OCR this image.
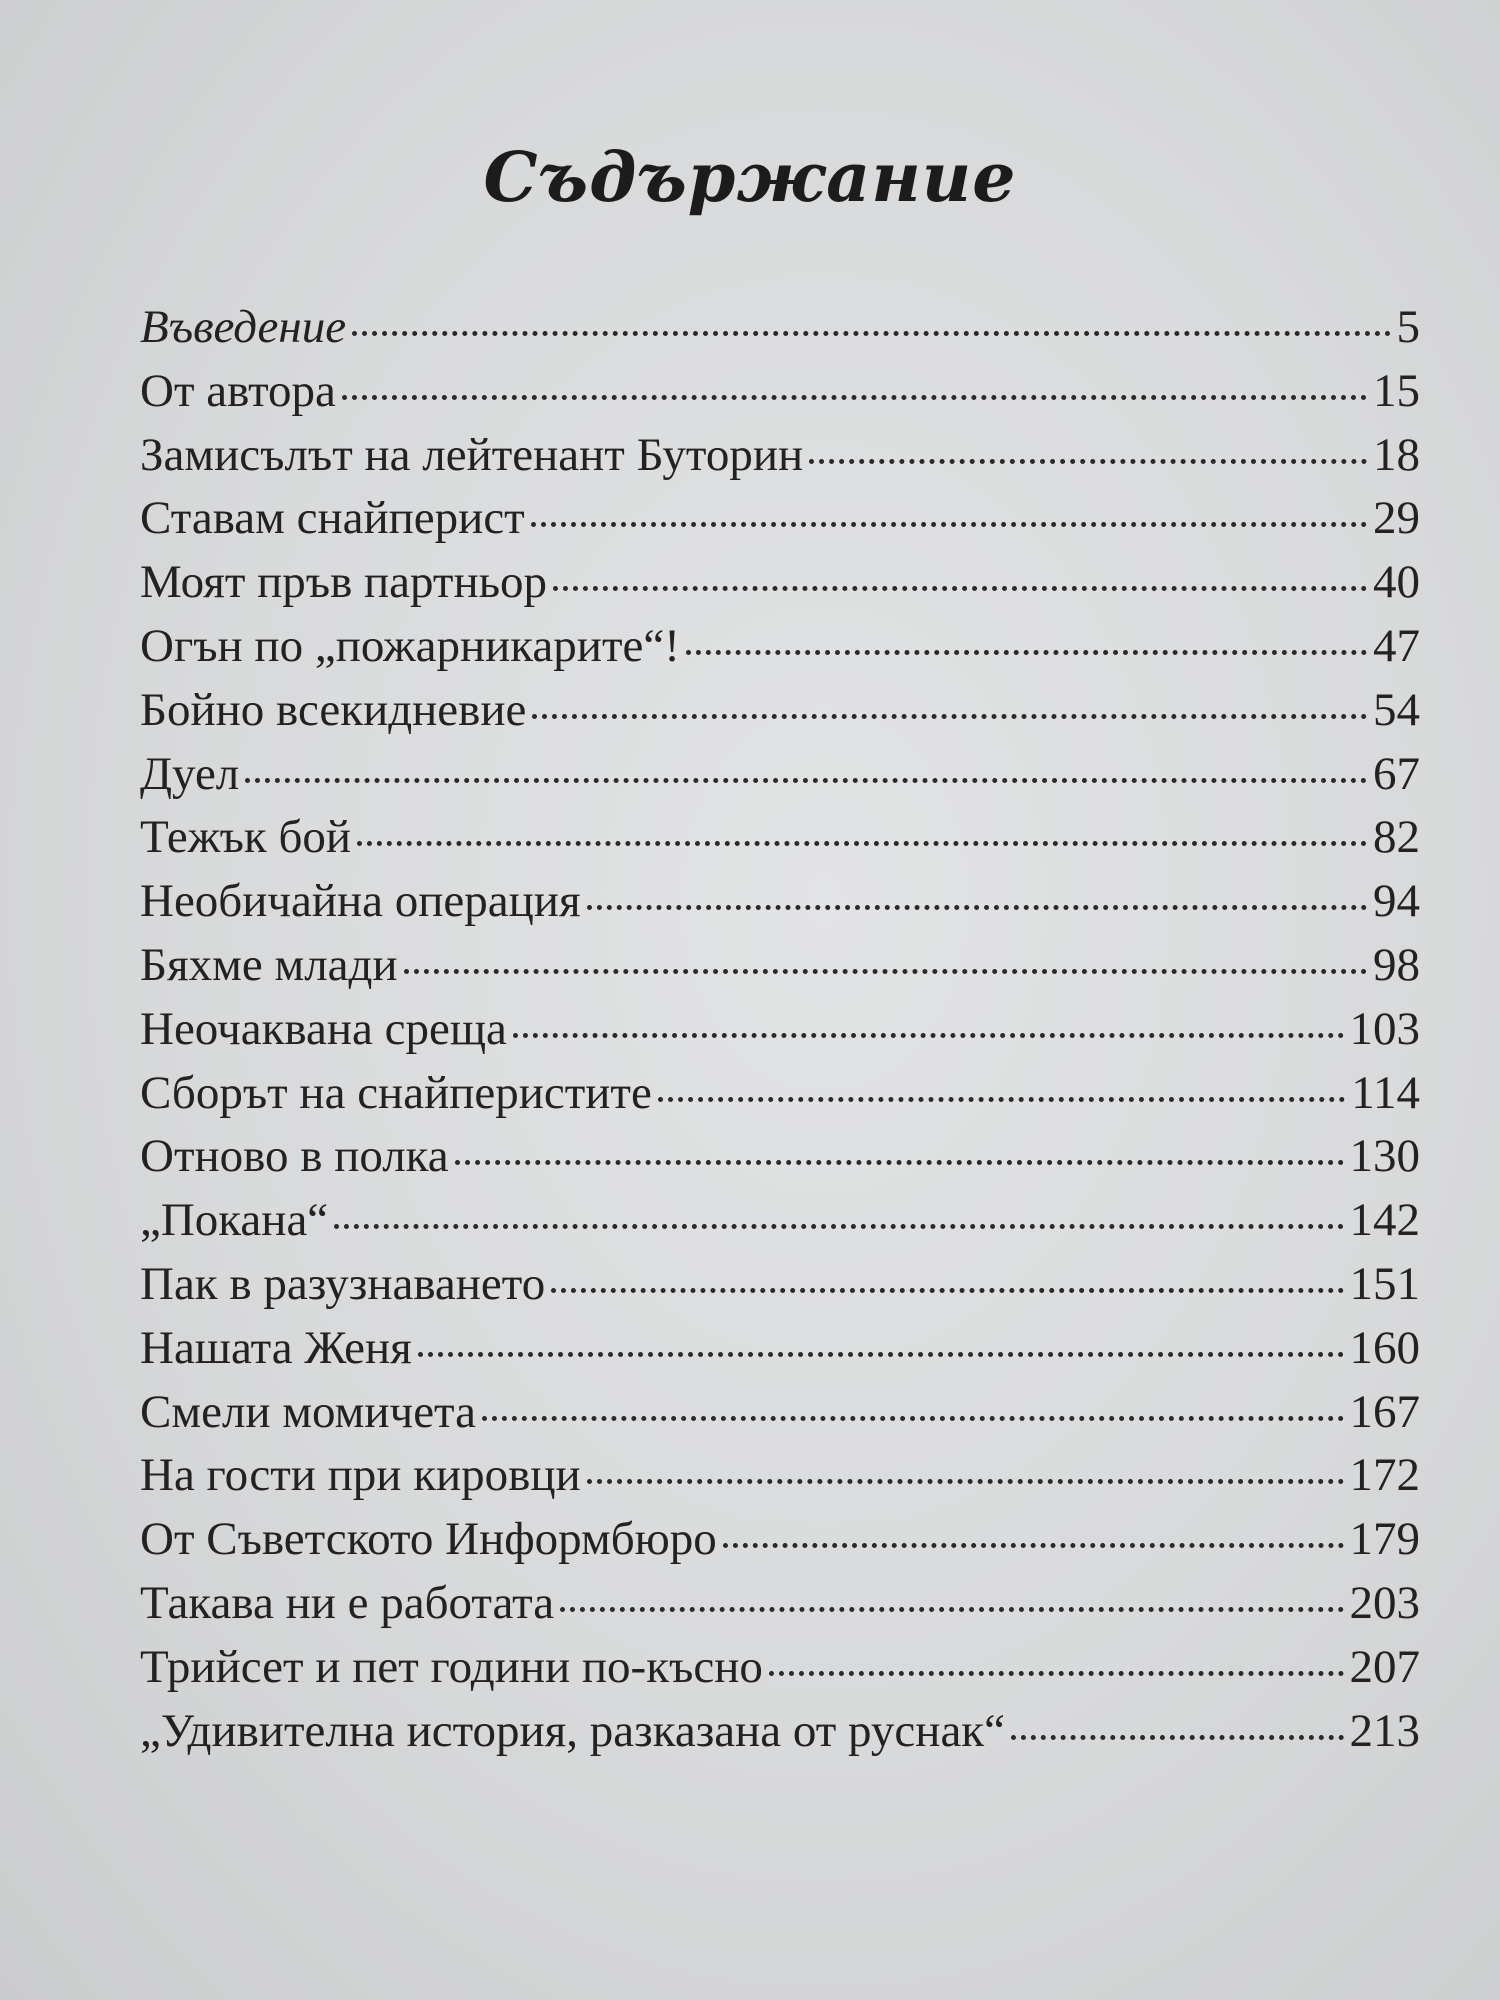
Съдържание
Въведение	5
От автора	15
Замисълът на лейтенант Буторин	18
Ставам снайперист	29
Моят пръв партньор	40
Огън по „пожарникарите“!	47
Бойно всекидневие	54
Дуел	67
Тежък бой	82
Необичайна операция	94
Бяхме млади	98
Неочаквана среща	103
Сборът на снайперистите	114
Отново в полка	130
„Покана“	142
Пак в разузнаването	151
Нашата Женя	160
Смели момичета	167
На гости при кировци	172
От Съветското Информбюро	179
Такава ни е работата	203
Трийсет и пет години по-късно	207
„Удивителна история, разказана от руснак“	213
